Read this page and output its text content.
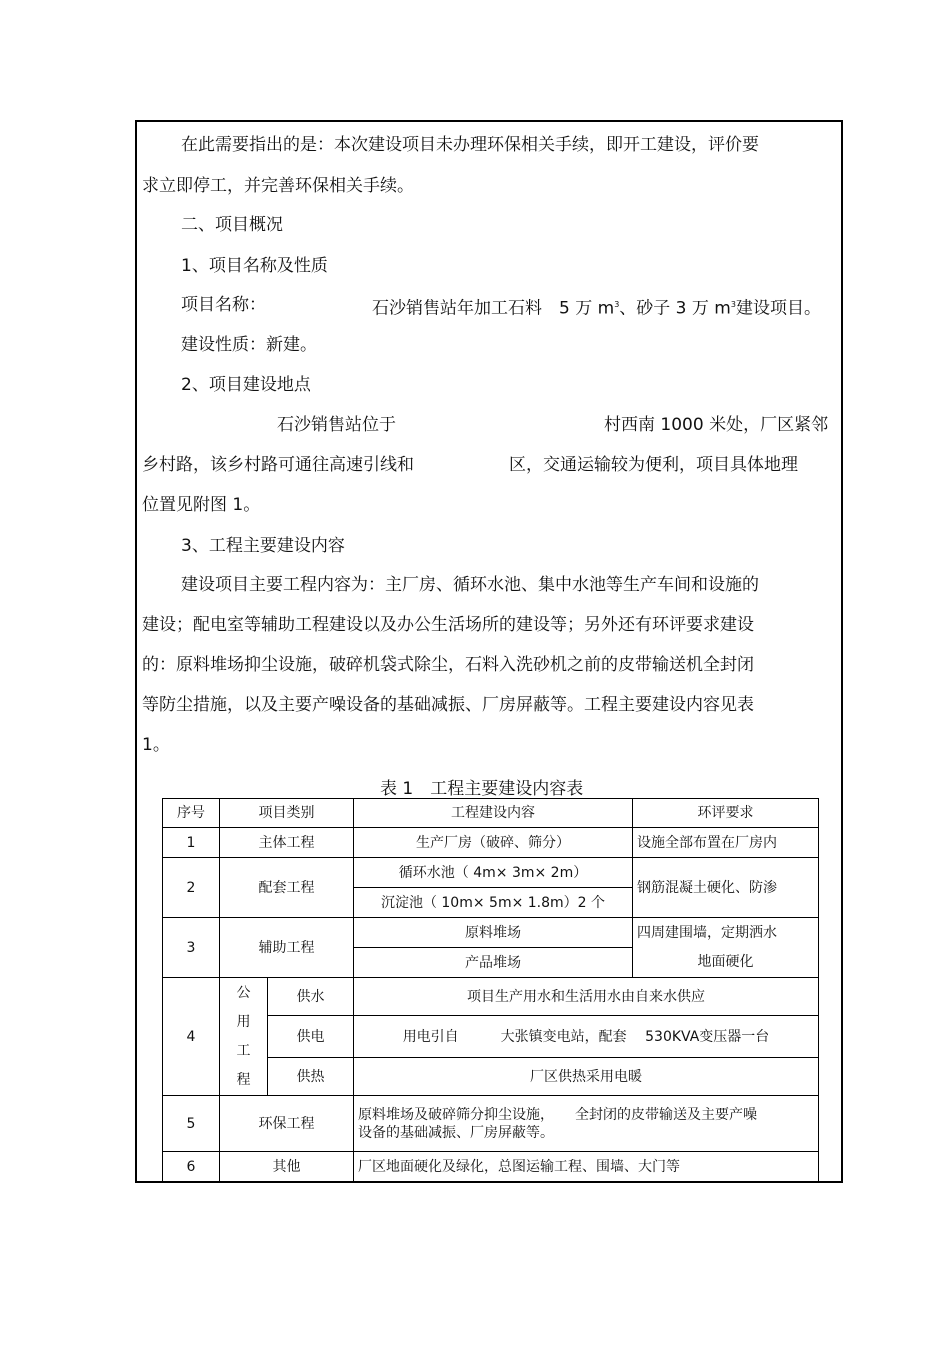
在此需要指出的是：本次建设项目未办理环保相关手续，即开工建设，评价要
求立即停工，并完善环保相关手续。
二、项目概况
1、项目名称及性质
项目名称：	石沙销售站年加工石料　5 万 $m^3$、砂子 3 万 $m^3$建设项目。
建设性质：新建。
2、项目建设地点
石沙销售站位于	村西南 1000 米处，厂区紧邻
乡村路，该乡村路可通往高速引线和	区，交通运输较为便利，项目具体地理
位置见附图 1。
3、工程主要建设内容
建设项目主要工程内容为：主厂房、循环水池、集中水池等生产车间和设施的
建设；配电室等辅助工程建设以及办公生活场所的建设等；另外还有环评要求建设
的：原料堆场抑尘设施，破碎机袋式除尘，石料入洗砂机之前的皮带输送机全封闭
等防尘措施，以及主要产噪设备的基础减振、厂房屏蔽等。工程主要建设内容见表
1。
表 1　工程主要建设内容表
序号	项目类别		工程建设内容	环评要求
1	主体工程		生产厂房（破碎、筛分）	设施全部布置在厂房内
2	配套工程		循环水池（ 4m× 3m× 2m）	钢筋混凝土硬化、防渗
			沉淀池（ 10m× 5m× 1.8m）2 个	
3	辅助工程		原料堆场	四周建围墙，定期洒水
			产品堆场	地面硬化
4	公用工程	供水	项目生产用水和生活用水由自来水供应	
		供电	用电引自　　　大张镇变电站，配套　 530KVA变压器一台	
		供热	厂区供热采用电暖	
5	环保工程		原料堆场及破碎筛分抑尘设施，　　全封闭的皮带输送及主要产噪
设备的基础减振、厂房屏蔽等。	

6	其他		厂区地面硬化及绿化，总图运输工程、围墙、大门等	
